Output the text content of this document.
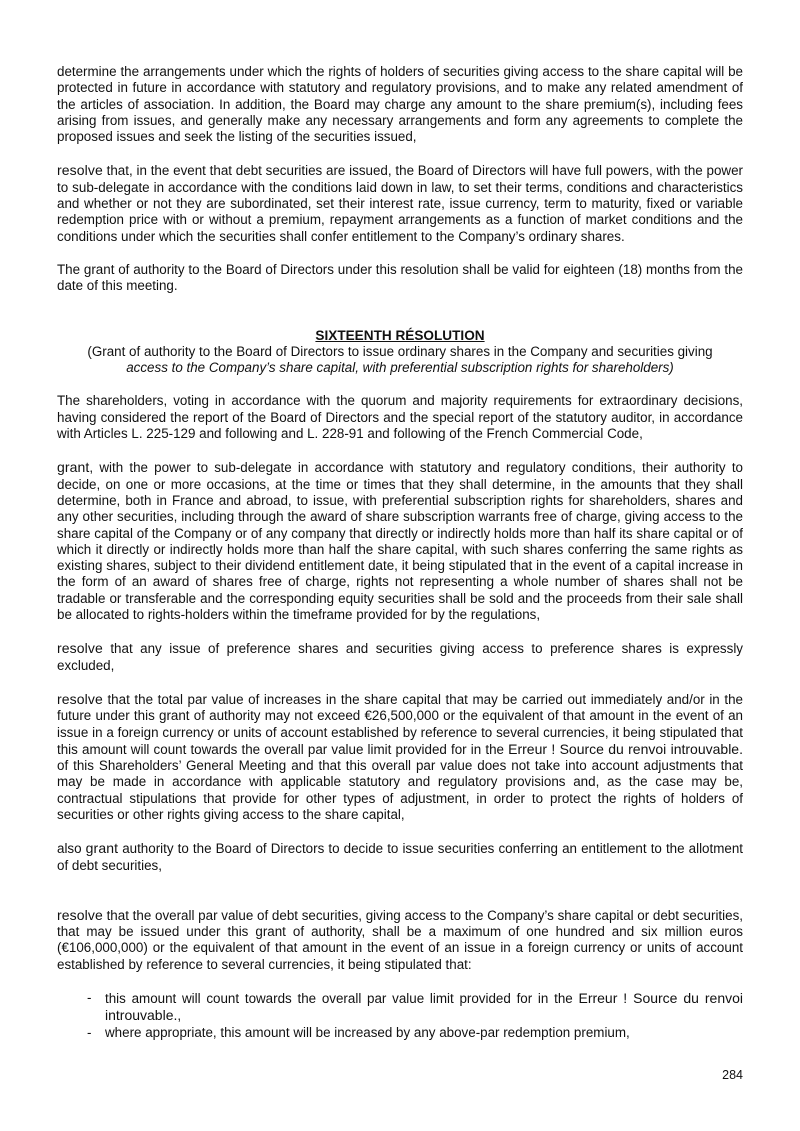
determine the arrangements under which the rights of holders of securities giving access to the share capital will be protected in future in accordance with statutory and regulatory provisions, and to make any related amendment of the articles of association. In addition, the Board may charge any amount to the share premium(s), including fees arising from issues, and generally make any necessary arrangements and form any agreements to complete the proposed issues and seek the listing of the securities issued,

resolve that, in the event that debt securities are issued, the Board of Directors will have full powers, with the power to sub-delegate in accordance with the conditions laid down in law, to set their terms, conditions and characteristics and whether or not they are subordinated, set their interest rate, issue currency, term to maturity, fixed or variable redemption price with or without a premium, repayment arrangements as a function of market conditions and the conditions under which the securities shall confer entitlement to the Company’s ordinary shares.

The grant of authority to the Board of Directors under this resolution shall be valid for eighteen (18) months from the date of this meeting.

SIXTEENTH RÉSOLUTION

(Grant of authority to the Board of Directors to issue ordinary shares in the Company and securities giving

access to the Company’s share capital, with preferential subscription rights for shareholders)

The shareholders, voting in accordance with the quorum and majority requirements for extraordinary decisions, having considered the report of the Board of Directors and the special report of the statutory auditor, in accordance with Articles L. 225-129 and following and L. 228-91 and following of the French Commercial Code,

grant, with the power to sub-delegate in accordance with statutory and regulatory conditions, their authority to decide, on one or more occasions, at the time or times that they shall determine, in the amounts that they shall determine, both in France and abroad, to issue, with preferential subscription rights for shareholders, shares and any other securities, including through the award of share subscription warrants free of charge, giving access to the share capital of the Company or of any company that directly or indirectly holds more than half its share capital or of which it directly or indirectly holds more than half the share capital, with such shares conferring the same rights as existing shares, subject to their dividend entitlement date, it being stipulated that in the event of a capital increase in the form of an award of shares free of charge, rights not representing a whole number of shares shall not be tradable or transferable and the corresponding equity securities shall be sold and the proceeds from their sale shall be allocated to rights-holders within the timeframe provided for by the regulations,

resolve that any issue of preference shares and securities giving access to preference shares is expressly excluded,

resolve that the total par value of increases in the share capital that may be carried out immediately and/or in the future under this grant of authority may not exceed €26,500,000 or the equivalent of that amount in the event of an issue in a foreign currency or units of account established by reference to several currencies, it being stipulated that this amount will count towards the overall par value limit provided for in the Erreur ! Source du renvoi introuvable. of this Shareholders’ General Meeting and that this overall par value does not take into account adjustments that may be made in accordance with applicable statutory and regulatory provisions and, as the case may be, contractual stipulations that provide for other types of adjustment, in order to protect the rights of holders of securities or other rights giving access to the share capital,

also grant authority to the Board of Directors to decide to issue securities conferring an entitlement to the allotment of debt securities,

resolve that the overall par value of debt securities, giving access to the Company’s share capital or debt securities, that may be issued under this grant of authority, shall be a maximum of one hundred and six million euros (€106,000,000) or the equivalent of that amount in the event of an issue in a foreign currency or units of account established by reference to several currencies, it being stipulated that:

- this amount will count towards the overall par value limit provided for in the Erreur ! Source du renvoi introuvable.,
- where appropriate, this amount will be increased by any above-par redemption premium,
284
